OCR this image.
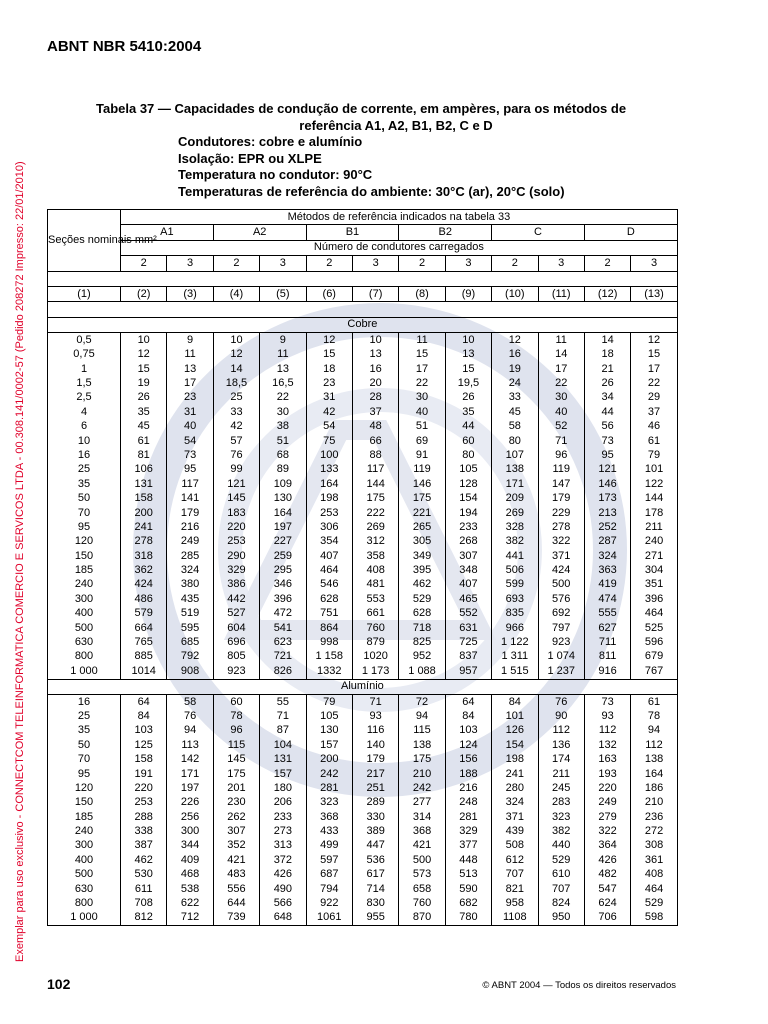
ABNT NBR 5410:2004
Exemplar para uso exclusivo - CONNECTCOM TELEINFORMATICA COMERCIO E SERVICOS LTDA - 00.308.141/0002-57 (Pedido 208272 Impresso: 22/01/2010)
Tabela 37 — Capacidades de condução de corrente, em ampères, para os métodos de
referência A1, A2, B1, B2, C e D
Condutores: cobre e alumínio
Isolação: EPR ou XLPE
Temperatura no condutor: 90°C
Temperaturas de referência do ambiente: 30°C (ar), 20°C (solo)
Seções nominais mm²	Métodos de referência indicados na tabela 33											
	A1		A2		B1		B2		C		D	
	Número de condutores carregados											
	2	3	2	3	2	3	2	3	2	3	2	3

(1)	(2)	(3)	(4)	(5)	(6)	(7)	(8)	(9)	(10)	(11)	(12)	(13)

Cobre												
0,5	10	9	10	9	12	10	11	10	12	11	14	12
0,75	12	11	12	11	15	13	15	13	16	14	18	15
1	15	13	14	13	18	16	17	15	19	17	21	17
1,5	19	17	18,5	16,5	23	20	22	19,5	24	22	26	22
2,5	26	23	25	22	31	28	30	26	33	30	34	29
4	35	31	33	30	42	37	40	35	45	40	44	37
6	45	40	42	38	54	48	51	44	58	52	56	46
10	61	54	57	51	75	66	69	60	80	71	73	61
16	81	73	76	68	100	88	91	80	107	96	95	79
25	106	95	99	89	133	117	119	105	138	119	121	101
35	131	117	121	109	164	144	146	128	171	147	146	122
50	158	141	145	130	198	175	175	154	209	179	173	144
70	200	179	183	164	253	222	221	194	269	229	213	178
95	241	216	220	197	306	269	265	233	328	278	252	211
120	278	249	253	227	354	312	305	268	382	322	287	240
150	318	285	290	259	407	358	349	307	441	371	324	271
185	362	324	329	295	464	408	395	348	506	424	363	304
240	424	380	386	346	546	481	462	407	599	500	419	351
300	486	435	442	396	628	553	529	465	693	576	474	396
400	579	519	527	472	751	661	628	552	835	692	555	464
500	664	595	604	541	864	760	718	631	966	797	627	525
630	765	685	696	623	998	879	825	725	1 122	923	711	596
800	885	792	805	721	1 158	1020	952	837	1 311	1 074	811	679
1 000	1014	908	923	826	1332	1 173	1 088	957	1 515	1 237	916	767
Alumínio												
16	64	58	60	55	79	71	72	64	84	76	73	61
25	84	76	78	71	105	93	94	84	101	90	93	78
35	103	94	96	87	130	116	115	103	126	112	112	94
50	125	113	115	104	157	140	138	124	154	136	132	112
70	158	142	145	131	200	179	175	156	198	174	163	138
95	191	171	175	157	242	217	210	188	241	211	193	164
120	220	197	201	180	281	251	242	216	280	245	220	186
150	253	226	230	206	323	289	277	248	324	283	249	210
185	288	256	262	233	368	330	314	281	371	323	279	236
240	338	300	307	273	433	389	368	329	439	382	322	272
300	387	344	352	313	499	447	421	377	508	440	364	308
400	462	409	421	372	597	536	500	448	612	529	426	361
500	530	468	483	426	687	617	573	513	707	610	482	408
630	611	538	556	490	794	714	658	590	821	707	547	464
800	708	622	644	566	922	830	760	682	958	824	624	529
1 000	812	712	739	648	1061	955	870	780	1108	950	706	598
102	© ABNT 2004 — Todos os direitos reservados
